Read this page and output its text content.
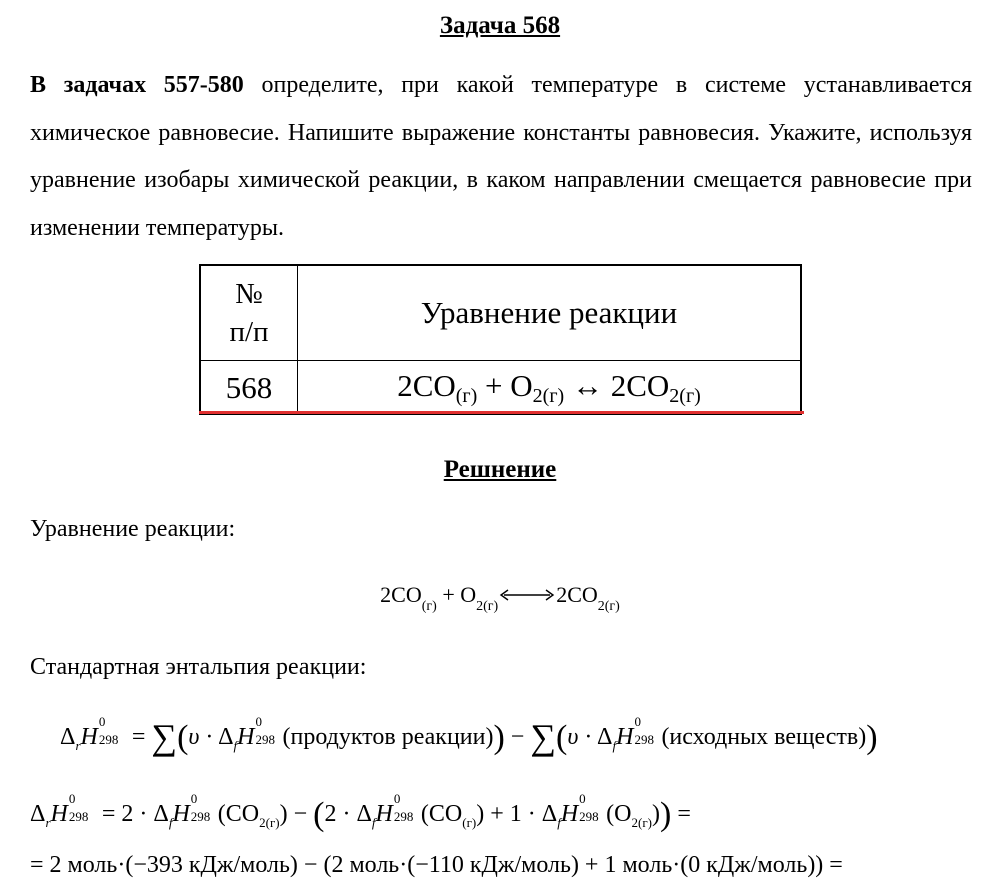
Задача 568
В задачах 557-580 определите, при какой температуре в системе устанавливается химическое равновесие. Напишите выражение константы равновесия. Укажите, используя уравнение изобары химической реакции, в каком направлении смещается равновесие при изменении температуры.
№
п/п	Уравнение реакции
568	$2CO_{(г)} + O_{2(г)}$ ↔ $2CO_{2(г)}$
Решнение
Уравнение реакции:
$2CO_{(г)} + O_{2(г)}$	$2CO_{2(г)}$
Стандартная энтальпия реакции:
$\Delta_rH$
0
$298 = \sum(\upsilon \cdot \Delta_fH$
0
298 (продуктов реакции)) − $\sum(\upsilon \cdot \Delta_fH$
0
298 (исходных веществ))
$\Delta_rH$
0
$298 = 2 \cdot \Delta_fH$
0
298 $(CO_{2(г)}) - (2 \cdot \Delta_fH$
0
298 $(CO_{(г)}) + 1 \cdot \Delta_fH$
0
298 $(O_{2(г)})$) =
= 2 моль·(−393 кДж/моль) − (2 моль·(−110 кДж/моль) + 1 моль·(0 кДж/моль)) =
